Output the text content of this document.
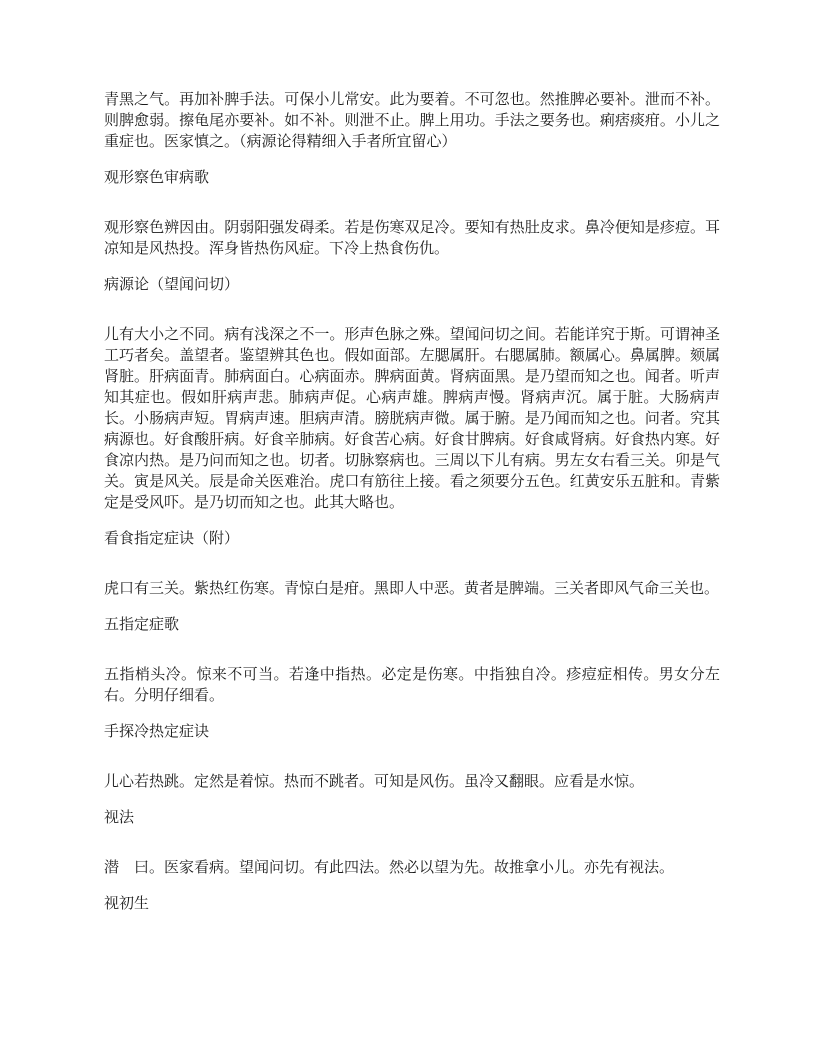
青黑之气。再加补脾手法。可保小儿常安。此为要着。不可忽也。然推脾必要补。泄而不补。则脾愈弱。擦龟尾亦要补。如不补。则泄不止。脾上用功。手法之要务也。痢痞痰疳。小儿之重症也。医家慎之。（病源论得精细入手者所宜留心）

观形察色审病歌

观形察色辨因由。阴弱阳强发碍柔。若是伤寒双足冷。要知有热肚皮求。鼻冷便知是疹痘。耳凉知是风热投。浑身皆热伤风症。下冷上热食伤仇。

病源论（望闻问切）

儿有大小之不同。病有浅深之不一。形声色脉之殊。望闻问切之间。若能详究于斯。可谓神圣工巧者矣。盖望者。鉴望辨其色也。假如面部。左腮属肝。右腮属肺。额属心。鼻属脾。颏属肾脏。肝病面青。肺病面白。心病面赤。脾病面黄。肾病面黑。是乃望而知之也。闻者。听声知其症也。假如肝病声悲。肺病声促。心病声雄。脾病声慢。肾病声沉。属于脏。大肠病声长。小肠病声短。胃病声速。胆病声清。膀胱病声微。属于腑。是乃闻而知之也。问者。究其病源也。好食酸肝病。好食辛肺病。好食苦心病。好食甘脾病。好食咸肾病。好食热内寒。好食凉内热。是乃问而知之也。切者。切脉察病也。三周以下儿有病。男左女右看三关。卯是气关。寅是风关。辰是命关医难治。虎口有筋往上接。看之须要分五色。红黄安乐五脏和。青紫定是受风吓。是乃切而知之也。此其大略也。

看食指定症诀（附）

虎口有三关。紫热红伤寒。青惊白是疳。黑即人中恶。黄者是脾端。三关者即风气命三关也。

五指定症歌

五指梢头冷。惊来不可当。若逢中指热。必定是伤寒。中指独自冷。疹痘症相传。男女分左右。分明仔细看。

手探冷热定症诀

儿心若热跳。定然是着惊。热而不跳者。可知是风伤。虽冷又翻眼。应看是水惊。

视法

潜　曰。医家看病。望闻问切。有此四法。然必以望为先。故推拿小儿。亦先有视法。

视初生
